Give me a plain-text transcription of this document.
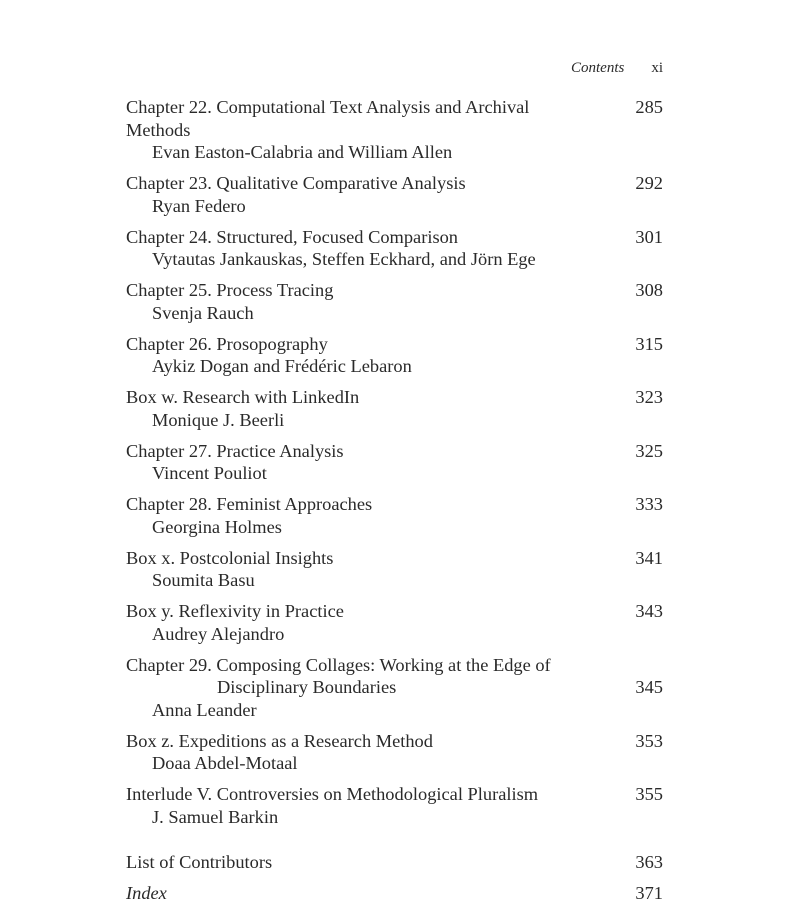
Contents xi
Chapter 22. Computational Text Analysis and Archival Methods
Evan Easton-Calabria and William Allen
285
Chapter 23. Qualitative Comparative Analysis
Ryan Federo
292
Chapter 24. Structured, Focused Comparison
Vytautas Jankauskas, Steffen Eckhard, and Jörn Ege
301
Chapter 25. Process Tracing
Svenja Rauch
308
Chapter 26. Prosopography
Aykiz Dogan and Frédéric Lebaron
315
Box w. Research with LinkedIn
Monique J. Beerli
323
Chapter 27. Practice Analysis
Vincent Pouliot
325
Chapter 28. Feminist Approaches
Georgina Holmes
333
Box x. Postcolonial Insights
Soumita Basu
341
Box y. Reflexivity in Practice
Audrey Alejandro
343
Chapter 29. Composing Collages: Working at the Edge of
Disciplinary Boundaries
Anna Leander
345
Box z. Expeditions as a Research Method
Doaa Abdel-Motaal
353
Interlude V. Controversies on Methodological Pluralism
J. Samuel Barkin
355
List of Contributors	363
Index	371
